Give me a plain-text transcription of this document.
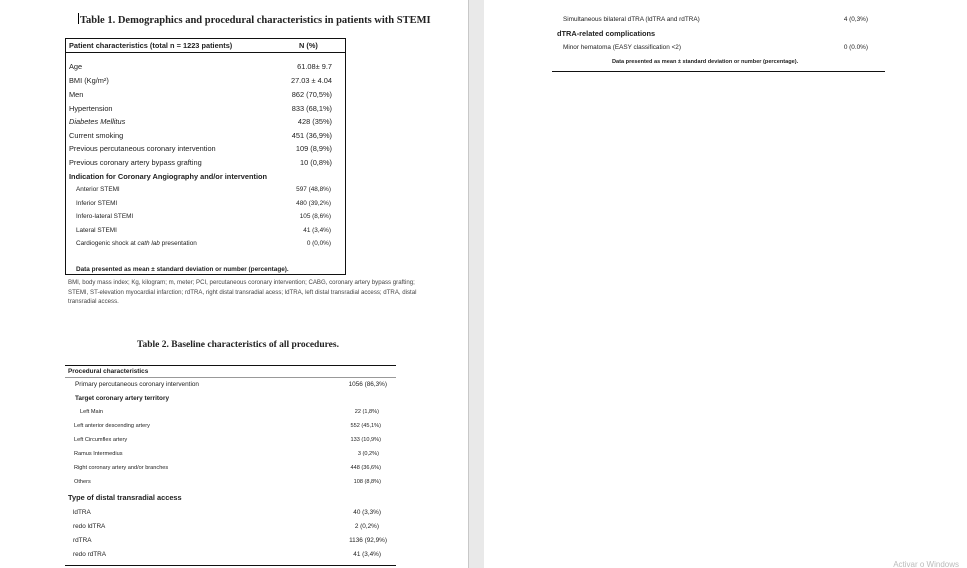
Table 1. Demographics and procedural characteristics in patients with STEMI
Patient characteristics (total n = 1223 patients)	N (%)
Age	61.08± 9.7
BMI (Kg/m²)	27.03 ± 4.04
Men	862 (70,5%)
Hypertension	833 (68,1%)
Diabetes Mellitus	428 (35%)
Current smoking	451 (36,9%)
Previous percutaneous coronary intervention	109 (8,9%)
Previous coronary artery bypass grafting	10 (0,8%)
Indication for Coronary Angiography and/or intervention
Anterior STEMI	597 (48,8%)
Inferior STEMI	480 (39,2%)
Infero-lateral STEMI	105 (8,6%)
Lateral STEMI	41 (3,4%)
Cardiogenic shock at cath lab presentation	0 (0,0%)
Data presented as mean ± standard deviation or number (percentage).
BMI, body mass index; Kg, kilogram; m, meter; PCI, percutaneous coronary intervention; CABG, coronary artery bypass grafting; STEMI, ST-elevation myocardial infarction; rdTRA, right distal transradial acess; ldTRA, left distal transradial access; dTRA, distal transradial access.
Table 2. Baseline characteristics of all procedures.
Procedural characteristics
Primary percutaneous coronary intervention	1056 (86,3%)
Target coronary artery territory
Left Main	22 (1,8%)
Left anterior descending artery	552 (45,1%)
Left Circumflex artery	133 (10,9%)
Ramus Intermedius	3 (0,2%)
Right coronary artery and/or branches	448 (36,6%)
Others	108 (8,8%)
Type of distal transradial access
ldTRA	40 (3,3%)
redo ldTRA	2 (0,2%)
rdTRA	1136 (92,9%)
redo rdTRA	41 (3,4%)
Simultaneous bilateral dTRA (ldTRA and rdTRA)	4 (0,3%)
dTRA-related complications
Minor hematoma (EASY classification <2)	0 (0.0%)
Data presented as mean ± standard deviation or number (percentage).
Activar o Windows
